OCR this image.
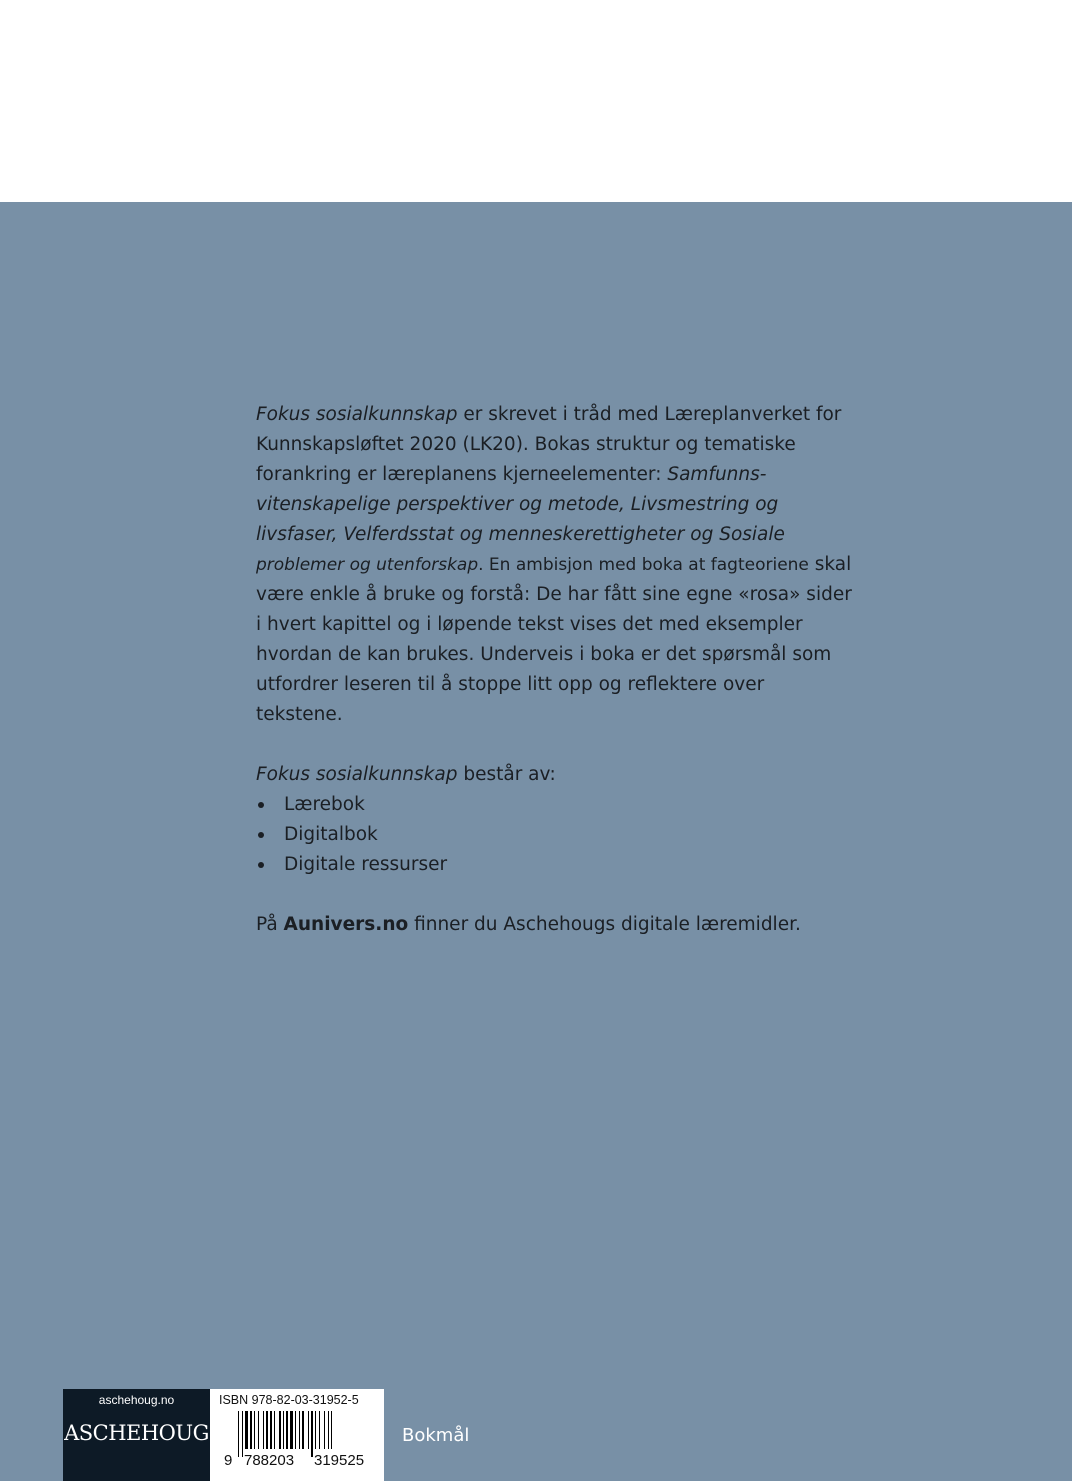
Fokus sosialkunnskap er skrevet i tråd med Læreplanverket for Kunnskapsløftet 2020 (LK20). Bokas struktur og tematiske forankring er læreplanens kjerneelementer: Samfunns-vitenskapelige perspektiver og metode, Livsmestring og livsfaser, Velferdsstat og menneskerettigheter og Sosiale problemer og utenforskap. En ambisjon med boka at fagteoriene skal være enkle å bruke og forstå: De har fått sine egne «rosa» sider i hvert kapittel og i løpende tekst vises det med eksempler hvordan de kan brukes. Underveis i boka er det spørsmål som utfordrer leseren til å stoppe litt opp og reflektere over tekstene.

Fokus sosialkunnskap består av:

Lærebok
Digitalbok
Digitale ressurser

På Aunivers.no finner du Aschehougs digitale læremidler.

aschehoug.no
ASCHEHOUG
ISBN 978-82-03-31952-5
9 788203 319525
Bokmål
